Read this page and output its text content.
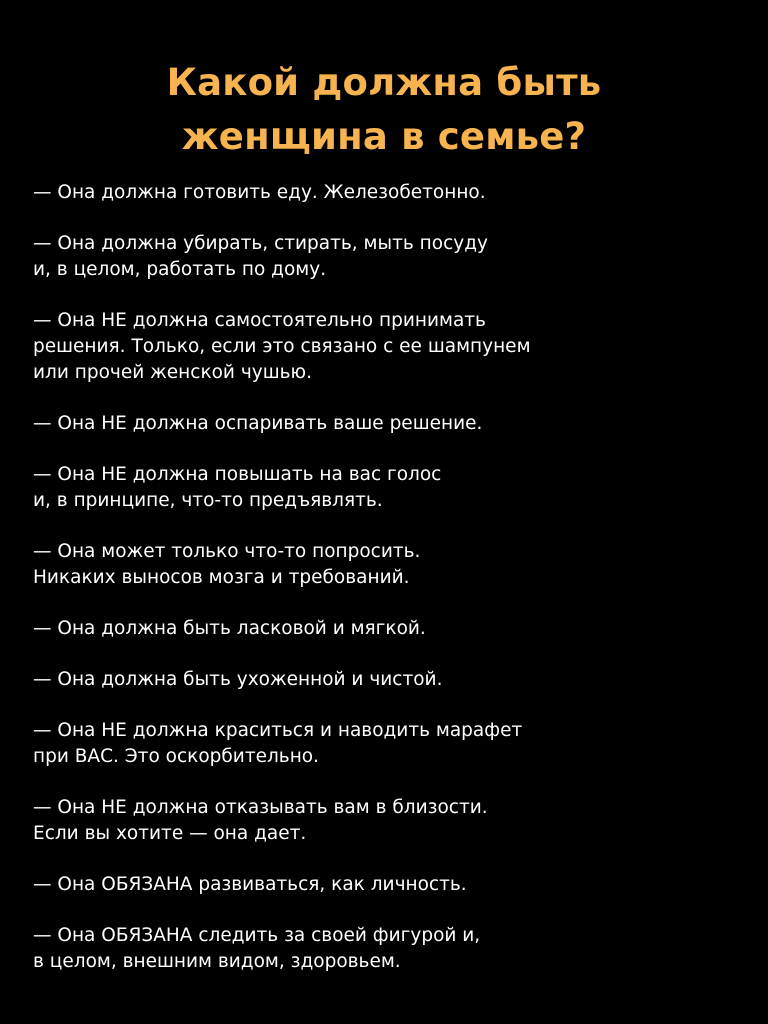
Какой должна быть
женщина в семье?
— Она должна готовить еду. Железобетонно.
— Она должна убирать, стирать, мыть посуду
и, в целом, работать по дому.
— Она НЕ должна самостоятельно принимать
решения. Только, если это связано с ее шампунем
или прочей женской чушью.
— Она НЕ должна оспаривать ваше решение.
— Она НЕ должна повышать на вас голос
и, в принципе, что-то предъявлять.
— Она может только что-то попросить.
Никаких выносов мозга и требований.
— Она должна быть ласковой и мягкой.
— Она должна быть ухоженной и чистой.
— Она НЕ должна краситься и наводить марафет
при ВАС. Это оскорбительно.
— Она НЕ должна отказывать вам в близости.
Если вы хотите — она дает.
— Она ОБЯЗАНА развиваться, как личность.
— Она ОБЯЗАНА следить за своей фигурой и,
в целом, внешним видом, здоровьем.
